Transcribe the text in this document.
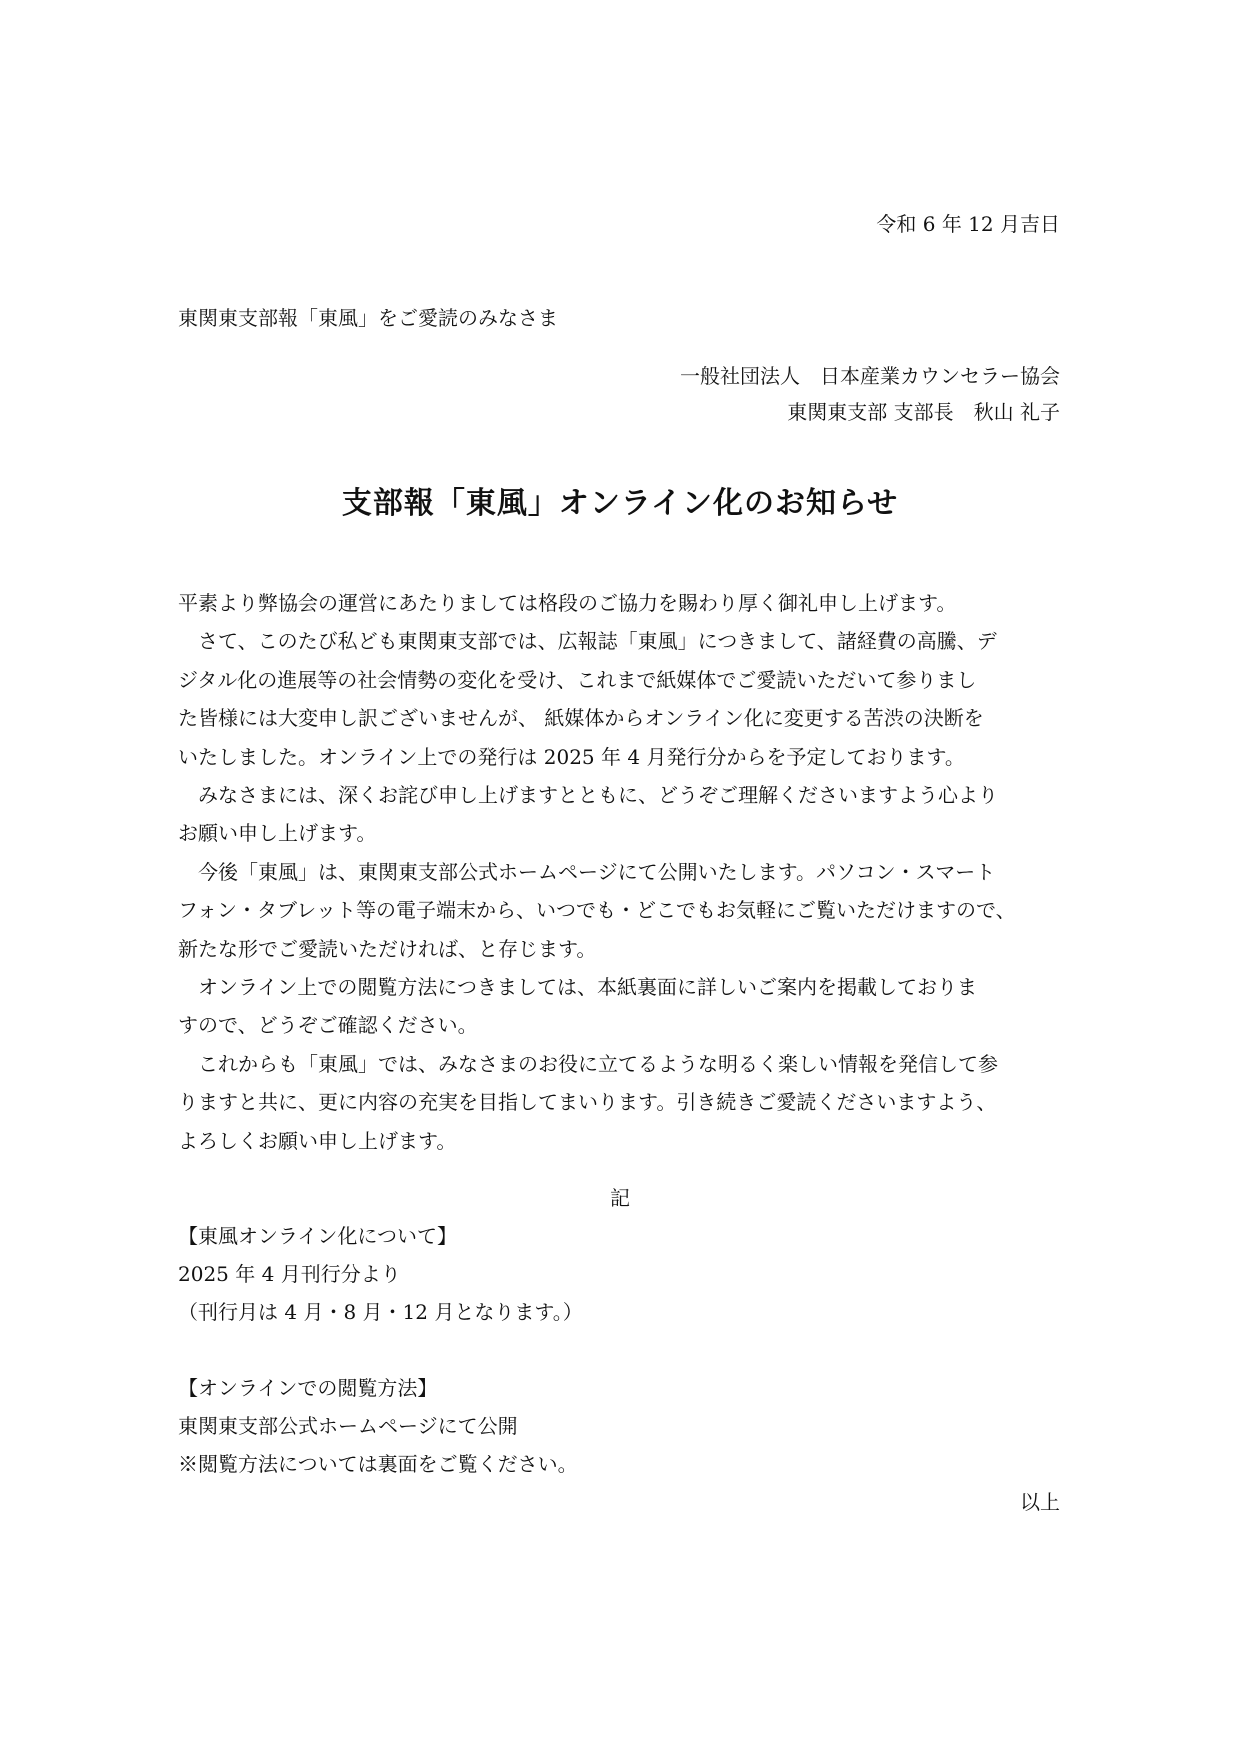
令和 6 年 12 月吉日
東関東支部報「東風」をご愛読のみなさま
一般社団法人　日本産業カウンセラー協会
東関東支部 支部長　秋山 礼子
支部報「東風」オンライン化のお知らせ

平素より弊協会の運営にあたりましては格段のご協力を賜わり厚く御礼申し上げます。

　さて、このたび私ども東関東支部では、広報誌「東風」につきまして、諸経費の高騰、デ

ジタル化の進展等の社会情勢の変化を受け、これまで紙媒体でご愛読いただいて参りまし

た皆様には大変申し訳ございませんが、 紙媒体からオンライン化に変更する苦渋の決断を

いたしました。オンライン上での発行は 2025 年 4 月発行分からを予定しております。

　みなさまには、深くお詫び申し上げますとともに、どうぞご理解くださいますよう心より

お願い申し上げます。

　今後「東風」は、東関東支部公式ホームページにて公開いたします。パソコン・スマート

フォン・タブレット等の電子端末から、いつでも・どこでもお気軽にご覧いただけますので、

新たな形でご愛読いただければ、と存じます。

　オンライン上での閲覧方法につきましては、本紙裏面に詳しいご案内を掲載しておりま

すので、どうぞご確認ください。

　これからも「東風」では、みなさまのお役に立てるような明るく楽しい情報を発信して参

りますと共に、更に内容の充実を目指してまいります。引き続きご愛読くださいますよう、

よろしくお願い申し上げます。

記
【東風オンライン化について】
2025 年 4 月刊行分より
（刊行月は 4 月・8 月・12 月となります。）
【オンラインでの閲覧方法】
東関東支部公式ホームページにて公開
※閲覧方法については裏面をご覧ください。
以上
